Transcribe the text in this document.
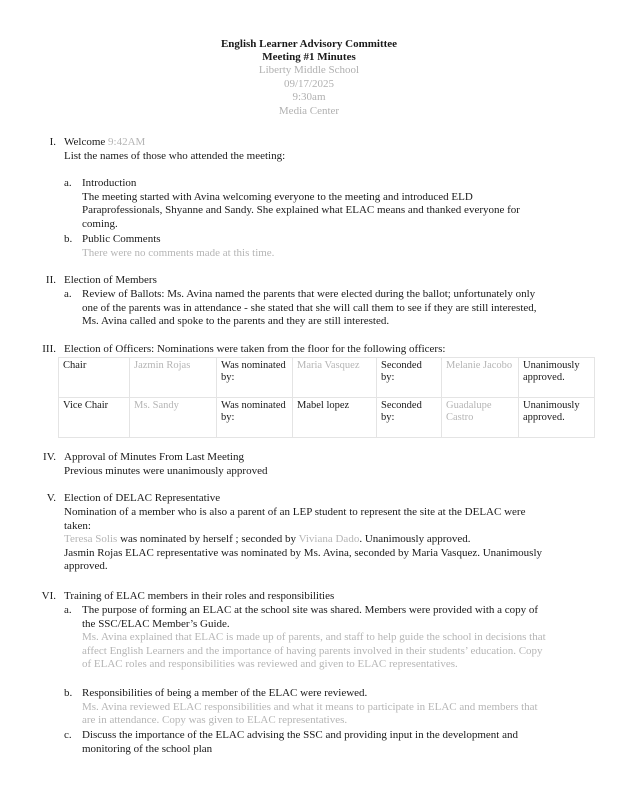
English Learner Advisory Committee
Meeting #1 Minutes
Liberty Middle School
09/17/2025
9:30am
Media Center
I. Welcome 9:42AM
List the names of those who attended the meeting:
a. Introduction
The meeting started with Avina welcoming everyone to the meeting and introduced ELD Paraprofessionals, Shyanne and Sandy. She explained what ELAC means and thanked everyone for coming.
b. Public Comments
There were no comments made at this time.
II. Election of Members
a. Review of Ballots: Ms. Avina named the parents that were elected during the ballot; unfortunately only one of the parents was in attendance - she stated that she will call them to see if they are still interested, Ms. Avina called and spoke to the parents and they are still interested.
III. Election of Officers: Nominations were taken from the floor for the following officers:
Chair	Jazmin Rojas	Was nominated by:	Maria Vasquez	Seconded by:	Melanie Jacobo	Unanimously approved.
Vice Chair	Ms. Sandy	Was nominated by:	Mabel lopez	Seconded by:	Guadalupe Castro	Unanimously approved.
IV. Approval of Minutes From Last Meeting
Previous minutes were unanimously approved
V. Election of DELAC Representative
Nomination of a member who is also a parent of an LEP student to represent the site at the DELAC were taken:
Teresa Solis was nominated by herself ; seconded by Viviana Dado. Unanimously approved.
Jasmin Rojas ELAC representative was nominated by Ms. Avina, seconded by Maria Vasquez. Unanimously approved.
VI. Training of ELAC members in their roles and responsibilities
a. The purpose of forming an ELAC at the school site was shared. Members were provided with a copy of the SSC/ELAC Member’s Guide.
Ms. Avina explained that ELAC is made up of parents, and staff to help guide the school in decisions that affect English Learners and the importance of having parents involved in their students’ education. Copy of ELAC roles and responsibilities was reviewed and given to ELAC representatives.
b. Responsibilities of being a member of the ELAC were reviewed.
Ms. Avina reviewed ELAC responsibilities and what it means to participate in ELAC and members that are in attendance. Copy was given to ELAC representatives.
c. Discuss the importance of the ELAC advising the SSC and providing input in the development and monitoring of the school plan
